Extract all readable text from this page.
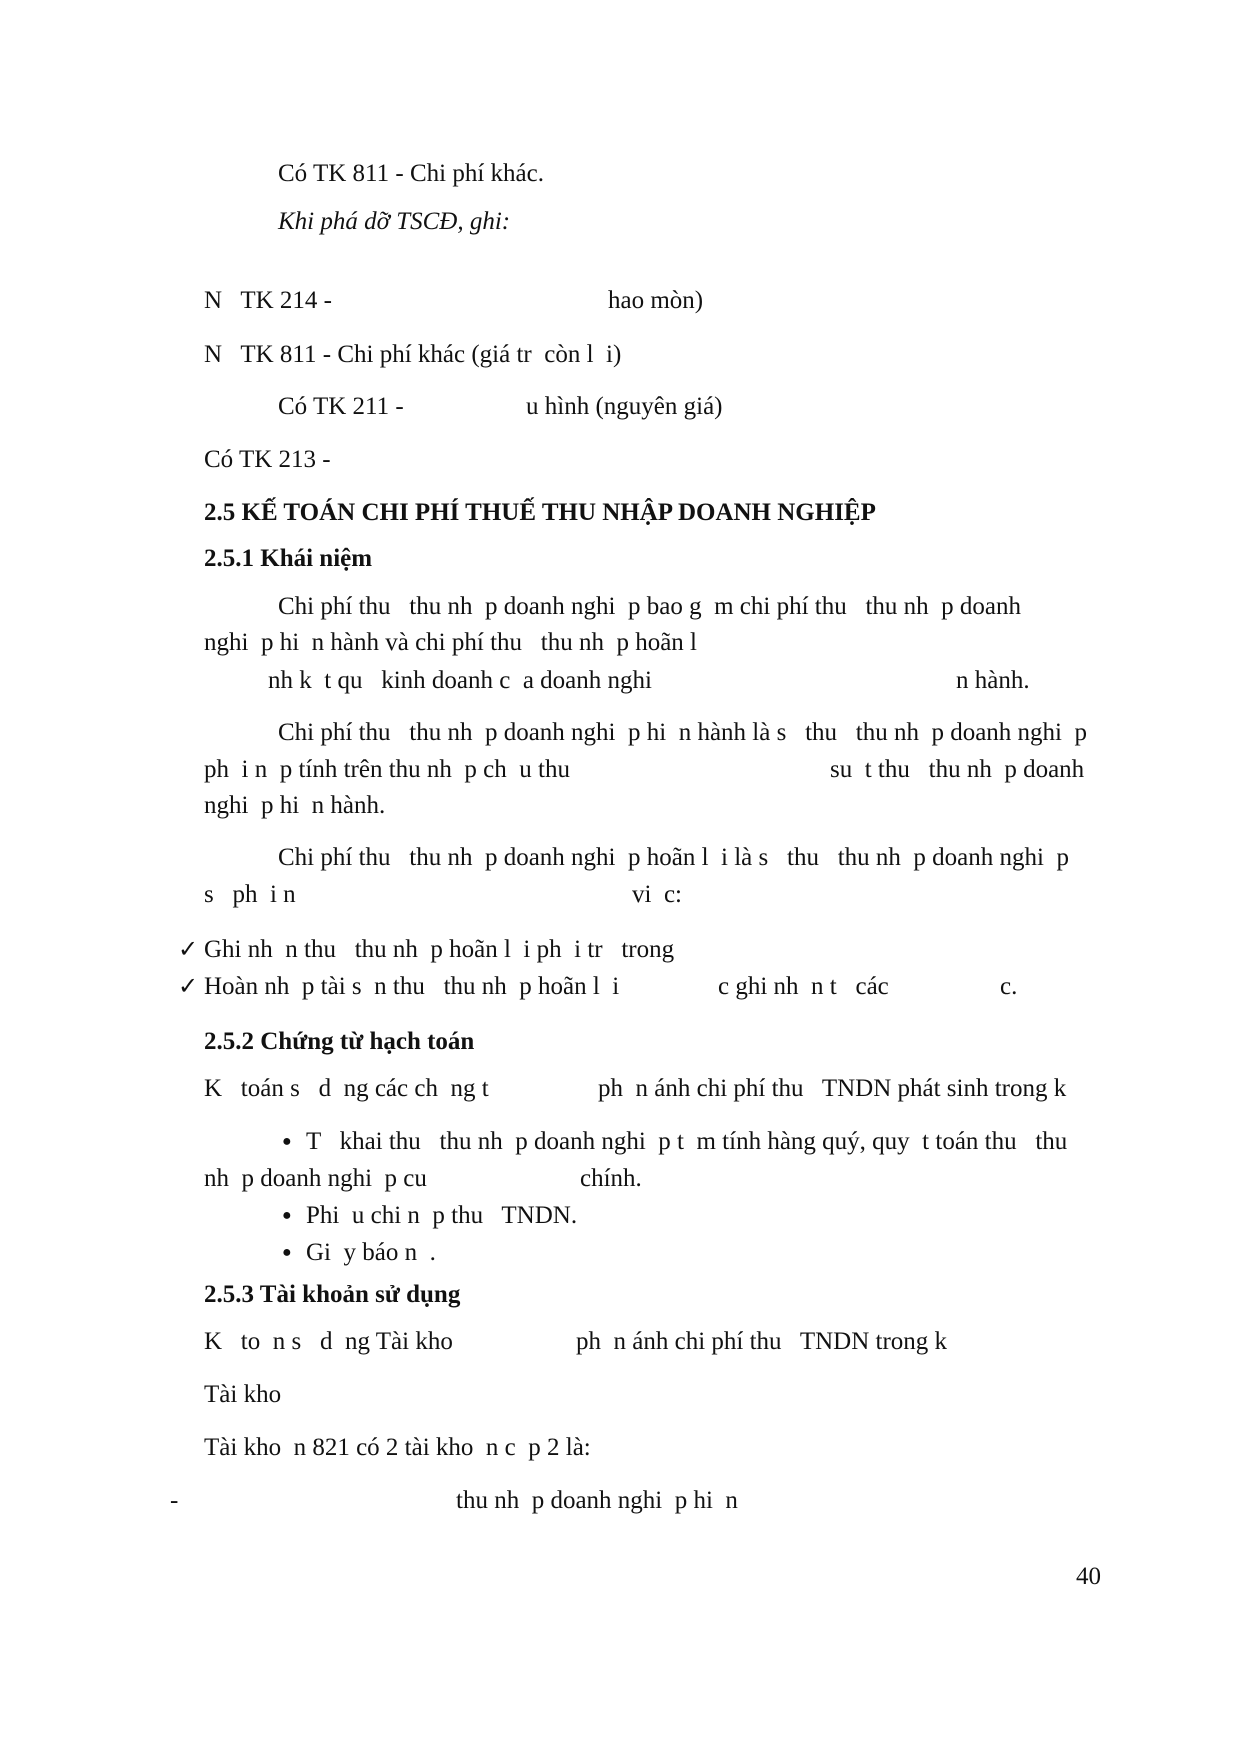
Có TK 811 - Chi phí khác.
Khi phá dỡ TSCĐ, ghi:
N   TK 214 -	hao mòn)
N   TK 811 - Chi phí khác (giá tr  còn l  i)
Có TK 211 -	u hình (nguyên giá)
Có TK 213 -
2.5 KẾ TOÁN CHI PHÍ THUẾ THU NHẬP DOANH NGHIỆP
2.5.1 Khái niệm
Chi phí thu   thu nh  p doanh nghi  p bao g  m chi phí thu   thu nh  p doanh
nghi  p hi  n hành và chi phí thu   thu nh  p hoãn l
nh k  t qu   kinh doanh c  a doanh nghi	n hành.
Chi phí thu   thu nh  p doanh nghi  p hi  n hành là s   thu   thu nh  p doanh nghi  p
ph  i n  p tính trên thu nh  p ch  u thu	su  t thu   thu nh  p doanh
nghi  p hi  n hành.
Chi phí thu   thu nh  p doanh nghi  p hoãn l  i là s   thu   thu nh  p doanh nghi  p
s   ph  i n	vi  c:
✓ Ghi nh  n thu   thu nh  p hoãn l  i ph  i tr   trong
✓ Hoàn nh  p tài s  n thu   thu nh  p hoãn l  i	c ghi nh  n t   các	c.
2.5.2 Chứng từ hạch toán
K   toán s   d  ng các ch  ng t	ph  n ánh chi phí thu   TNDN phát sinh trong k
● T   khai thu   thu nh  p doanh nghi  p t  m tính hàng quý, quy  t toán thu   thu
nh  p doanh nghi  p cu	chính.
● Phi  u chi n  p thu   TNDN.
● Gi  y báo n  .
2.5.3 Tài khoản sử dụng
K   to  n s   d  ng Tài kho	ph  n ánh chi phí thu   TNDN trong k
Tài kho
Tài kho  n 821 có 2 tài kho  n c  p 2 là:
-	thu nh  p doanh nghi  p hi  n
40
